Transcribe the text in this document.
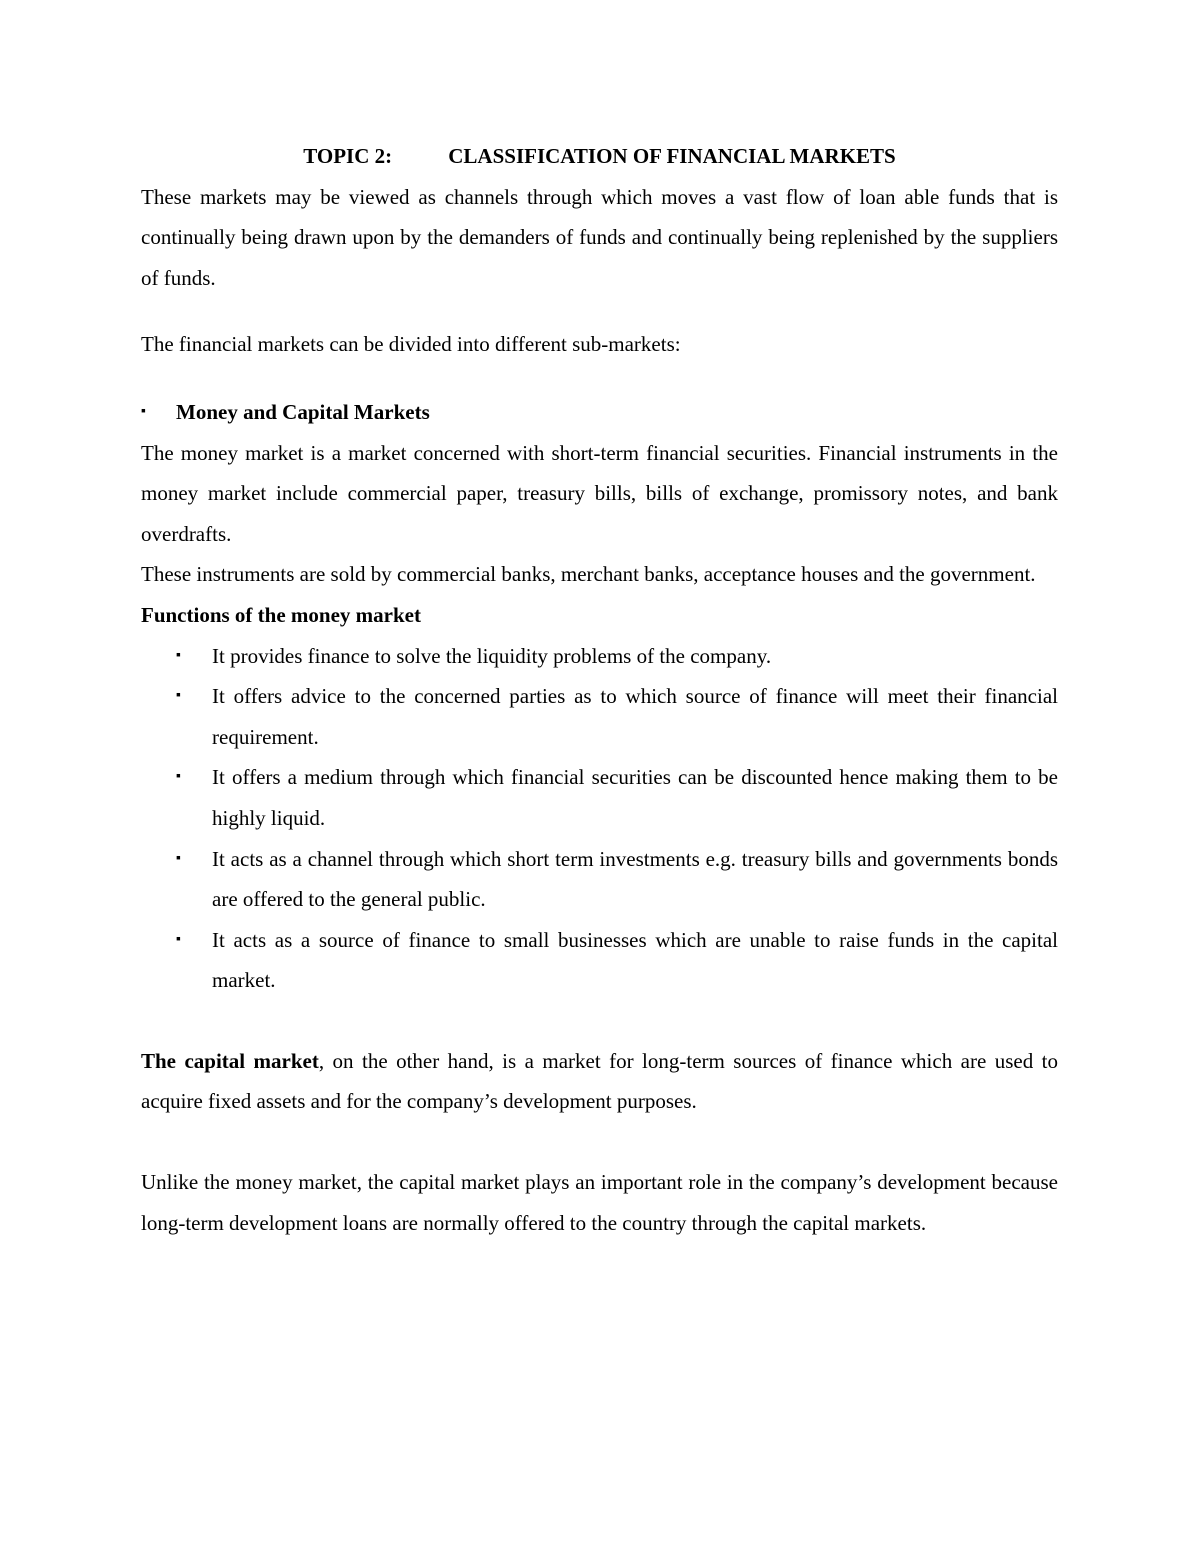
TOPIC 2:	CLASSIFICATION OF FINANCIAL MARKETS

These markets may be viewed as channels through which moves a vast flow of loan able funds that is continually being drawn upon by the demanders of funds and continually being replenished by the suppliers of funds.

The financial markets can be divided into different sub-markets:

▪ Money and Capital Markets

The money market is a market concerned with short-term financial securities. Financial instruments in the money market include commercial paper, treasury bills, bills of exchange, promissory notes, and bank overdrafts.

These instruments are sold by commercial banks, merchant banks, acceptance houses and the government.

Functions of the money market

▪ It provides finance to solve the liquidity problems of the company.
▪ It offers advice to the concerned parties as to which source of finance will meet their financial requirement.
▪ It offers a medium through which financial securities can be discounted hence making them to be highly liquid.
▪ It acts as a channel through which short term investments e.g. treasury bills and governments bonds are offered to the general public.
▪ It acts as a source of finance to small businesses which are unable to raise funds in the capital market.

The capital market, on the other hand, is a market for long-term sources of finance which are used to acquire fixed assets and for the company’s development purposes.

Unlike the money market, the capital market plays an important role in the company’s development because long-term development loans are normally offered to the country through the capital markets.
